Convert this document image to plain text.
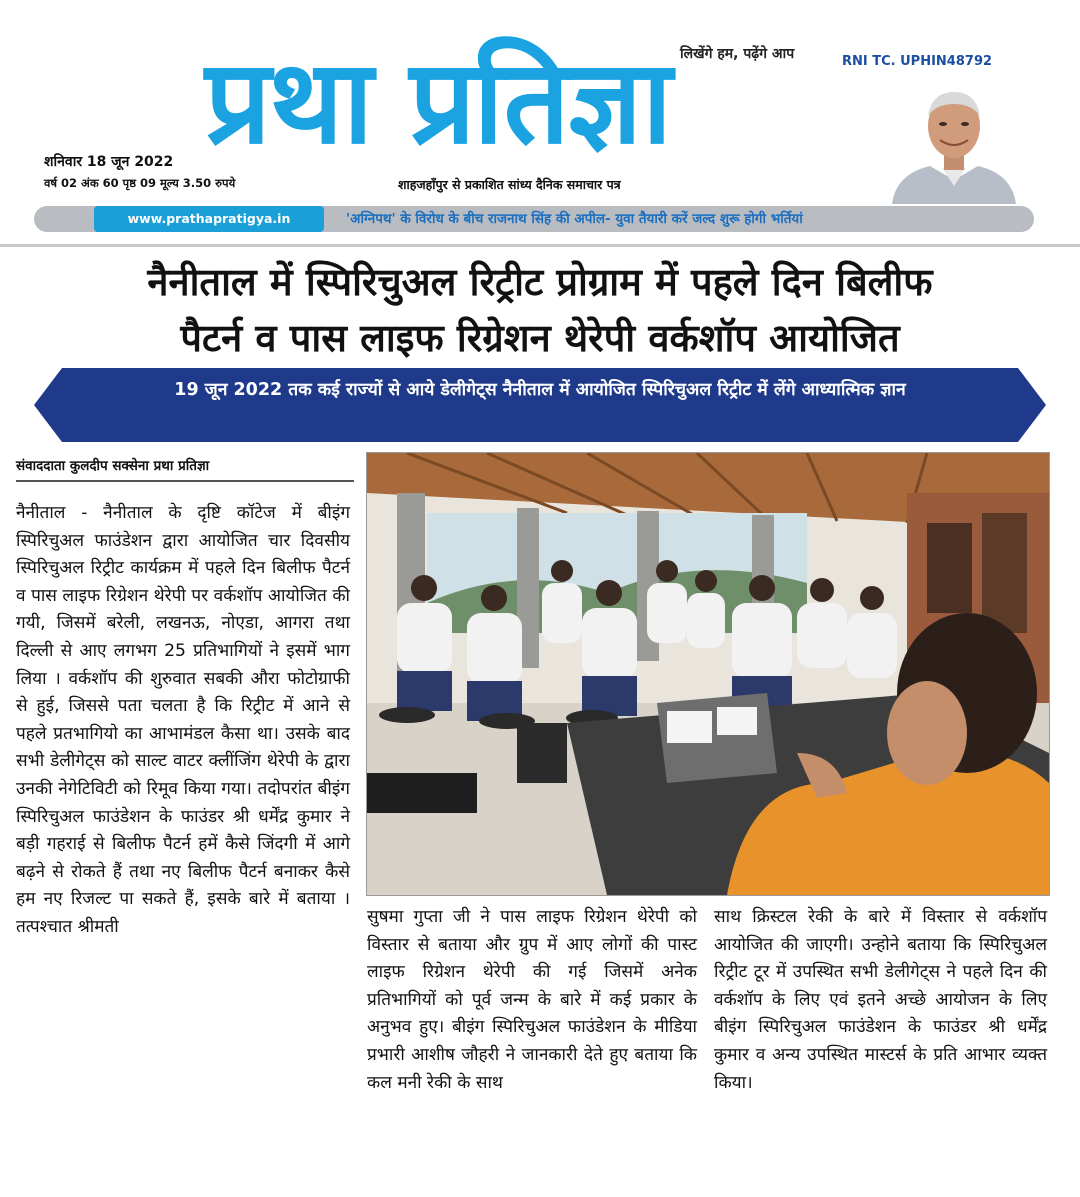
लिखेंगे हम, पढ़ेंगे आप	RNI TC. UPHIN48792
प्रथा प्रतिज्ञा
शनिवार 18 जून 2022
वर्ष 02 अंक 60 पृष्ठ 09 मूल्य 3.50 रुपये	शाहजहाँपुर से प्रकाशित सांध्य दैनिक समाचार पत्र
www.prathapratigya.in	'अग्निपथ' के विरोध के बीच राजनाथ सिंह की अपील- युवा तैयारी करें जल्द शुरू होगी भर्तियां
नैनीताल में स्पिरिचुअल रिट्रीट प्रोग्राम में पहले दिन बिलीफ
पैटर्न व पास लाइफ रिग्रेशन थेरेपी वर्कशॉप आयोजित
19 जून 2022 तक कई राज्यों से आये डेलीगेट्स नैनीताल में आयोजित स्पिरिचुअल रिट्रीट में लेंगे आध्यात्मिक ज्ञान
संवाददाता कुलदीप सक्सेना प्रथा प्रतिज्ञा
नैनीताल - नैनीताल के दृष्टि कॉटेज में बीइंग स्पिरिचुअल फाउंडेशन द्वारा आयोजित चार दिवसीय स्पिरिचुअल रिट्रीट कार्यक्रम में पहले दिन बिलीफ पैटर्न व पास लाइफ रिग्रेशन थेरेपी पर वर्कशॉप आयोजित की गयी, जिसमें बरेली, लखनऊ, नोएडा, आगरा तथा दिल्ली से आए लगभग 25 प्रतिभागियों ने इसमें भाग लिया । वर्कशॉप की शुरुवात सबकी औरा फोटोग्राफी से हुई, जिससे पता चलता है कि रिट्रीट में आने से पहले प्रतभागियो का आभामंडल कैसा था। उसके बाद सभी डेलीगेट्स को साल्ट वाटर क्लींजिंग थेरेपी के द्वारा उनकी नेगेटिविटी को रिमूव किया गया। तदोपरांत बीइंग स्पिरिचुअल फाउंडेशन के फाउंडर श्री धर्मेंद्र कुमार ने बड़ी गहराई से बिलीफ पैटर्न हमें कैसे जिंदगी में आगे बढ़ने से रोकते हैं तथा नए बिलीफ पैटर्न बनाकर कैसे हम नए रिजल्ट पा सकते हैं, इसके बारे में बताया । तत्पश्चात श्रीमती	सुषमा गुप्ता जी ने पास लाइफ रिग्रेशन थेरेपी को विस्तार से बताया और ग्रुप में आए लोगों की पास्ट लाइफ रिग्रेशन थेरेपी की गई जिसमें अनेक प्रतिभागियों को पूर्व जन्म के बारे में कई प्रकार के अनुभव हुए। बीइंग स्पिरिचुअल फाउंडेशन के मीडिया प्रभारी आशीष जौहरी ने जानकारी देते हुए बताया कि कल मनी रेकी के साथ
साथ क्रिस्टल रेकी के बारे में विस्तार से वर्कशॉप आयोजित की जाएगी। उन्होने बताया कि स्पिरिचुअल रिट्रीट टूर में उपस्थित सभी डेलीगेट्स ने पहले दिन की वर्कशॉप के लिए एवं इतने अच्छे आयोजन के लिए बीइंग स्पिरिचुअल फाउंडेशन के फाउंडर श्री धर्मेंद्र कुमार व अन्य उपस्थित मास्टर्स के प्रति आभार व्यक्त किया।
